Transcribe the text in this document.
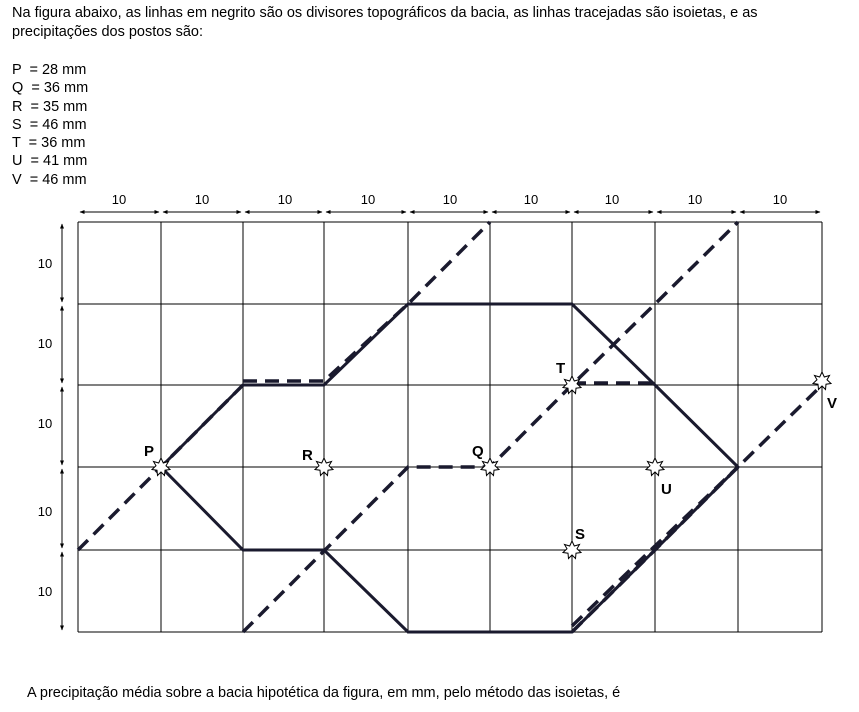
Na figura abaixo, as linhas em negrito são os divisores topográficos da bacia, as linhas tracejadas são isoietas, e as precipitações dos postos são:

P  = 28 mm
Q  = 36 mm
R  = 35 mm
S  = 46 mm
T  = 36 mm
U  = 41 mm
V  = 46 mm
10	10	10	10	10	10	10	10	10
10
10
10
10
10
P	R	Q
T
U
S
V
A precipitação média sobre a bacia hipotética da figura, em mm, pelo método das isoietas, é
